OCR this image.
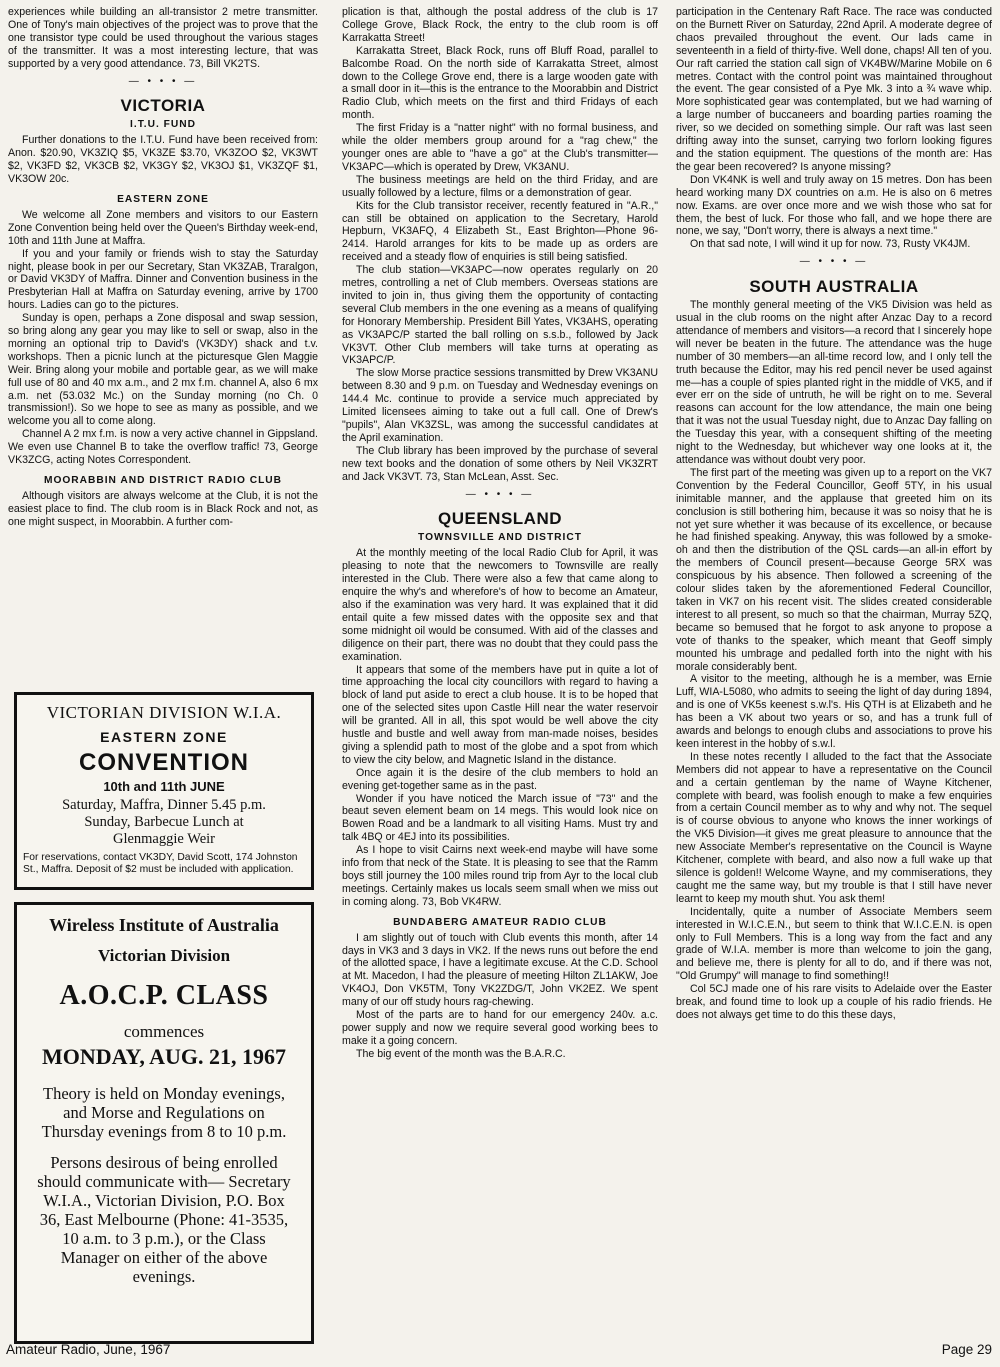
experiences while building an all-transistor 2 metre transmitter. One of Tony's main objectives of the project was to prove that the one transistor type could be used throughout the various stages of the transmitter. It was a most interesting lecture, that was supported by a very good attendance. 73, Bill VK2TS.

— • • • —
VICTORIA
I.T.U. FUND

Further donations to the I.T.U. Fund have been received from: Anon. $20.90, VK3ZIQ $5, VK3ZE $3.70, VK3ZOO $2, VK3WT $2, VK3FD $2, VK3CB $2, VK3GY $2, VK3OJ $1, VK3ZQF $1, VK3OW 20c.

EASTERN ZONE

We welcome all Zone members and visitors to our Eastern Zone Convention being held over the Queen's Birthday week-end, 10th and 11th June at Maffra.

If you and your family or friends wish to stay the Saturday night, please book in per our Secretary, Stan VK3ZAB, Traralgon, or David VK3DY of Maffra. Dinner and Convention business in the Presbyterian Hall at Maffra on Saturday evening, arrive by 1700 hours. Ladies can go to the pictures.

Sunday is open, perhaps a Zone disposal and swap session, so bring along any gear you may like to sell or swap, also in the morning an optional trip to David's (VK3DY) shack and t.v. workshops. Then a picnic lunch at the picturesque Glen Maggie Weir. Bring along your mobile and portable gear, as we will make full use of 80 and 40 mx a.m., and 2 mx f.m. channel A, also 6 mx a.m. net (53.032 Mc.) on the Sunday morning (no Ch. 0 transmission!). So we hope to see as many as possible, and we welcome you all to come along.

Channel A 2 mx f.m. is now a very active channel in Gippsland. We even use Channel B to take the overflow traffic! 73, George VK3ZCG, acting Notes Correspondent.

MOORABBIN AND DISTRICT RADIO CLUB

Although visitors are always welcome at the Club, it is not the easiest place to find. The club room is in Black Rock and not, as one might suspect, in Moorabbin. A further com-

VICTORIAN DIVISION W.I.A.
EASTERN ZONE
CONVENTION
10th and 11th JUNE
Saturday, Maffra, Dinner 5.45 p.m.
Sunday, Barbecue Lunch at
Glenmaggie Weir
For reservations, contact VK3DY, David Scott, 174 Johnston St., Maffra. Deposit of $2 must be included with application.
Wireless Institute of Australia
Victorian Division
A.O.C.P. CLASS
commences
MONDAY, AUG. 21, 1967
Theory is held on Monday evenings, and Morse and Regulations on Thursday evenings from 8 to 10 p.m.
Persons desirous of being enrolled should communicate with— Secretary W.I.A., Victorian Division, P.O. Box 36, East Melbourne (Phone: 41-3535, 10 a.m. to 3 p.m.), or the Class Manager on either of the above evenings.

plication is that, although the postal address of the club is 17 College Grove, Black Rock, the entry to the club room is off Karrakatta Street!

Karrakatta Street, Black Rock, runs off Bluff Road, parallel to Balcombe Road. On the north side of Karrakatta Street, almost down to the College Grove end, there is a large wooden gate with a small door in it—this is the entrance to the Moorabbin and District Radio Club, which meets on the first and third Fridays of each month.

The first Friday is a "natter night" with no formal business, and while the older members group around for a "rag chew," the younger ones are able to "have a go" at the Club's transmitter—VK3APC—which is operated by Drew, VK3ANU.

The business meetings are held on the third Friday, and are usually followed by a lecture, films or a demonstration of gear.

Kits for the Club transistor receiver, recently featured in "A.R.," can still be obtained on application to the Secretary, Harold Hepburn, VK3AFQ, 4 Elizabeth St., East Brighton—Phone 96-2414. Harold arranges for kits to be made up as orders are received and a steady flow of enquiries is still being satisfied.

The club station—VK3APC—now operates regularly on 20 metres, controlling a net of Club members. Overseas stations are invited to join in, thus giving them the opportunity of contacting several Club members in the one evening as a means of qualifying for Honorary Membership. President Bill Yates, VK3AHS, operating as VK3APC/P started the ball rolling on s.s.b., followed by Jack VK3VT. Other Club members will take turns at operating as VK3APC/P.

The slow Morse practice sessions transmitted by Drew VK3ANU between 8.30 and 9 p.m. on Tuesday and Wednesday evenings on 144.4 Mc. continue to provide a service much appreciated by Limited licensees aiming to take out a full call. One of Drew's "pupils", Alan VK3ZSL, was among the successful candidates at the April examination.

The Club library has been improved by the purchase of several new text books and the donation of some others by Neil VK3ZRT and Jack VK3VT. 73, Stan McLean, Asst. Sec.

— • • • —
QUEENSLAND
TOWNSVILLE AND DISTRICT

At the monthly meeting of the local Radio Club for April, it was pleasing to note that the newcomers to Townsville are really interested in the Club. There were also a few that came along to enquire the why's and wherefore's of how to become an Amateur, also if the examination was very hard. It was explained that it did entail quite a few missed dates with the opposite sex and that some midnight oil would be consumed. With aid of the classes and diligence on their part, there was no doubt that they could pass the examination.

It appears that some of the members have put in quite a lot of time approaching the local city councillors with regard to having a block of land put aside to erect a club house. It is to be hoped that one of the selected sites upon Castle Hill near the water reservoir will be granted. All in all, this spot would be well above the city hustle and bustle and well away from man-made noises, besides giving a splendid path to most of the globe and a spot from which to view the city below, and Magnetic Island in the distance.

Once again it is the desire of the club members to hold an evening get-together same as in the past.

Wonder if you have noticed the March issue of "73" and the beaut seven element beam on 14 megs. This would look nice on Bowen Road and be a landmark to all visiting Hams. Must try and talk 4BQ or 4EJ into its possibilities.

As I hope to visit Cairns next week-end maybe will have some info from that neck of the State. It is pleasing to see that the Ramm boys still journey the 100 miles round trip from Ayr to the local club meetings. Certainly makes us locals seem small when we miss out in coming along. 73, Bob VK4RW.

BUNDABERG AMATEUR RADIO CLUB

I am slightly out of touch with Club events this month, after 14 days in VK3 and 3 days in VK2. If the news runs out before the end of the allotted space, I have a legitimate excuse. At the C.D. School at Mt. Macedon, I had the pleasure of meeting Hilton ZL1AKW, Joe VK4OJ, Don VK5TM, Tony VK2ZDG/T, John VK2EZ. We spent many of our off study hours rag-chewing.

Most of the parts are to hand for our emergency 240v. a.c. power supply and now we require several good working bees to make it a going concern.

The big event of the month was the B.A.R.C.

participation in the Centenary Raft Race. The race was conducted on the Burnett River on Saturday, 22nd April. A moderate degree of chaos prevailed throughout the event. Our lads came in seventeenth in a field of thirty-five. Well done, chaps! All ten of you. Our raft carried the station call sign of VK4BW/Marine Mobile on 6 metres. Contact with the control point was maintained throughout the event. The gear consisted of a Pye Mk. 3 into a ¾ wave whip. More sophisticated gear was contemplated, but we had warning of a large number of buccaneers and boarding parties roaming the river, so we decided on something simple. Our raft was last seen drifting away into the sunset, carrying two forlorn looking figures and the station equipment. The questions of the month are: Has the gear been recovered? Is anyone missing?

Don VK4NK is well and truly away on 15 metres. Don has been heard working many DX countries on a.m. He is also on 6 metres now. Exams. are over once more and we wish those who sat for them, the best of luck. For those who fall, and we hope there are none, we say, "Don't worry, there is always a next time."

On that sad note, I will wind it up for now. 73, Rusty VK4JM.

— • • • —
SOUTH AUSTRALIA

The monthly general meeting of the VK5 Division was held as usual in the club rooms on the night after Anzac Day to a record attendance of members and visitors—a record that I sincerely hope will never be beaten in the future. The attendance was the huge number of 30 members—an all-time record low, and I only tell the truth because the Editor, may his red pencil never be used against me—has a couple of spies planted right in the middle of VK5, and if ever err on the side of untruth, he will be right on to me. Several reasons can account for the low attendance, the main one being that it was not the usual Tuesday night, due to Anzac Day falling on the Tuesday this year, with a consequent shifting of the meeting night to the Wednesday, but whichever way one looks at it, the attendance was without doubt very poor.

The first part of the meeting was given up to a report on the VK7 Convention by the Federal Councillor, Geoff 5TY, in his usual inimitable manner, and the applause that greeted him on its conclusion is still bothering him, because it was so noisy that he is not yet sure whether it was because of its excellence, or because he had finished speaking. Anyway, this was followed by a smoke-oh and then the distribution of the QSL cards—an all-in effort by the members of Council present—because George 5RX was conspicuous by his absence. Then followed a screening of the colour slides taken by the aforementioned Federal Councillor, taken in VK7 on his recent visit. The slides created considerable interest to all present, so much so that the chairman, Murray 5ZQ, became so bemused that he forgot to ask anyone to propose a vote of thanks to the speaker, which meant that Geoff simply mounted his umbrage and pedalled forth into the night with his morale considerably bent.

A visitor to the meeting, although he is a member, was Ernie Luff, WIA-L5080, who admits to seeing the light of day during 1894, and is one of VK5s keenest s.w.l's. His QTH is at Elizabeth and he has been a VK about two years or so, and has a trunk full of awards and belongs to enough clubs and associations to prove his keen interest in the hobby of s.w.l.

In these notes recently I alluded to the fact that the Associate Members did not appear to have a representative on the Council and a certain gentleman by the name of Wayne Kitchener, complete with beard, was foolish enough to make a few enquiries from a certain Council member as to why and why not. The sequel is of course obvious to anyone who knows the inner workings of the VK5 Division—it gives me great pleasure to announce that the new Associate Member's representative on the Council is Wayne Kitchener, complete with beard, and also now a full wake up that silence is golden!! Welcome Wayne, and my commiserations, they caught me the same way, but my trouble is that I still have never learnt to keep my mouth shut. You ask them!

Incidentally, quite a number of Associate Members seem interested in W.I.C.E.N., but seem to think that W.I.C.E.N. is open only to Full Members. This is a long way from the fact and any grade of W.I.A. member is more than welcome to join the gang, and believe me, there is plenty for all to do, and if there was not, "Old Grumpy" will manage to find something!!

Col 5CJ made one of his rare visits to Adelaide over the Easter break, and found time to look up a couple of his radio friends. He does not always get time to do this these days,

Amateur Radio, June, 1967	Page 29
